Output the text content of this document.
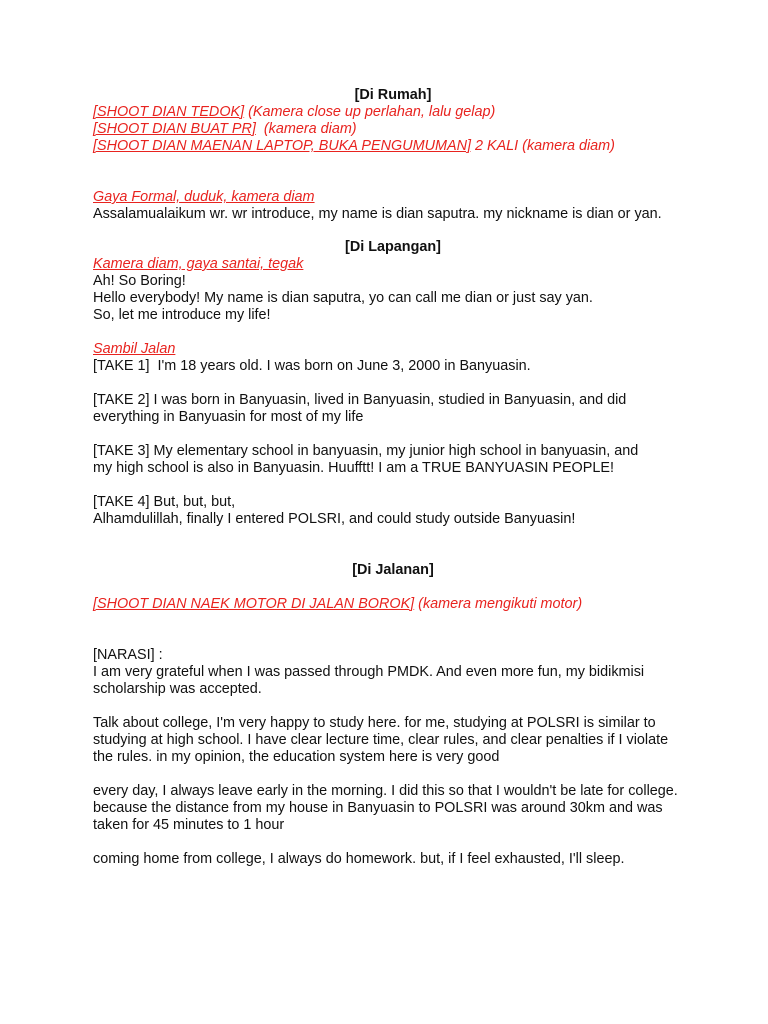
[Di Rumah]
[SHOOT DIAN TEDOK] (Kamera close up perlahan, lalu gelap)
[SHOOT DIAN BUAT PR]  (kamera diam)
[SHOOT DIAN MAENAN LAPTOP, BUKA PENGUMUMAN] 2 KALI (kamera diam)
Gaya Formal, duduk, kamera diam
Assalamualaikum wr. wr introduce, my name is dian saputra. my nickname is dian or yan.
[Di Lapangan]
Kamera diam, gaya santai, tegak
Ah! So Boring!
Hello everybody! My name is dian saputra, yo can call me dian or just say yan.
So, let me introduce my life!
Sambil Jalan
[TAKE 1]  I'm 18 years old. I was born on June 3, 2000 in Banyuasin.
[TAKE 2] I was born in Banyuasin, lived in Banyuasin, studied in Banyuasin, and did everything in Banyuasin for most of my life
[TAKE 3] My elementary school in banyuasin, my junior high school in banyuasin, and my high school is also in Banyuasin. Huufftt! I am a TRUE BANYUASIN PEOPLE!
[TAKE 4] But, but, but,
Alhamdulillah, finally I entered POLSRI, and could study outside Banyuasin!
[Di Jalanan]
[SHOOT DIAN NAEK MOTOR DI JALAN BOROK] (kamera mengikuti motor)
[NARASI] :
I am very grateful when I was passed through PMDK. And even more fun, my bidikmisi scholarship was accepted.
Talk about college, I'm very happy to study here. for me, studying at POLSRI is similar to studying at high school. I have clear lecture time, clear rules, and clear penalties if I violate the rules. in my opinion, the education system here is very good
every day, I always leave early in the morning. I did this so that I wouldn't be late for college. because the distance from my house in Banyuasin to POLSRI was around 30km and was taken for 45 minutes to 1 hour
coming home from college, I always do homework. but, if I feel exhausted, I'll sleep.
